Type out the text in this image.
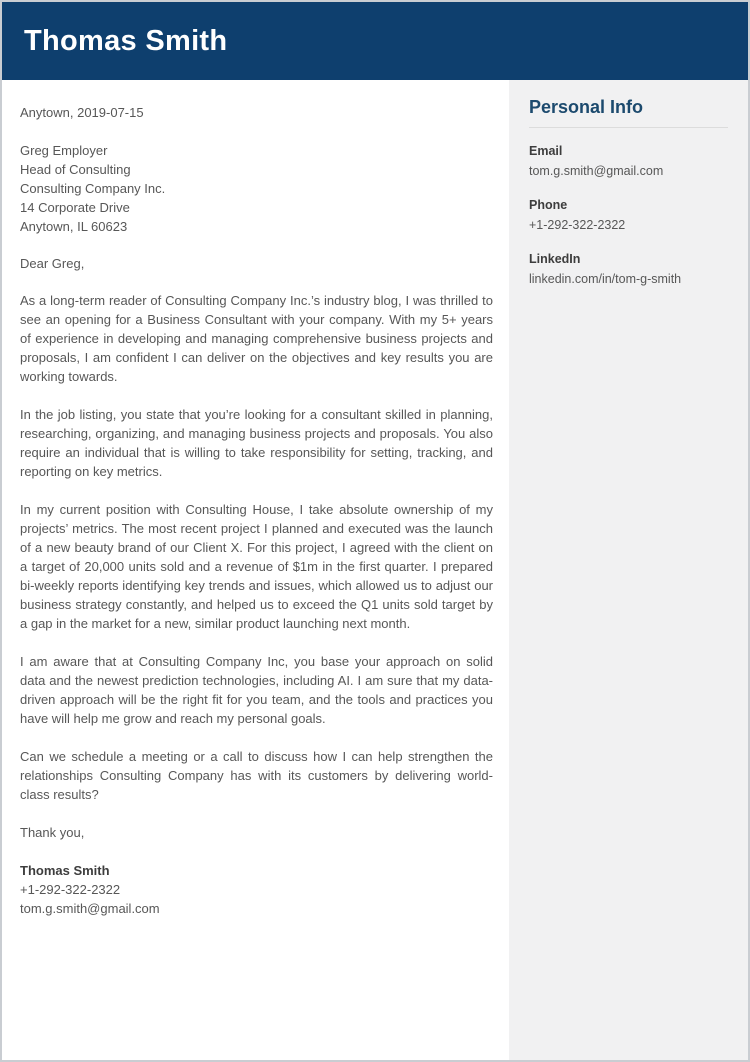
Thomas Smith

Anytown, 2019-07-15

Greg Employer
Head of Consulting
Consulting Company Inc.
14 Corporate Drive
Anytown, IL 60623

Dear Greg,

As a long-term reader of Consulting Company Inc.’s industry blog, I was thrilled to see an opening for a Business Consultant with your company. With my 5+ years of experience in developing and managing comprehensive business projects and proposals, I am confident I can deliver on the objectives and key results you are working towards.

In the job listing, you state that you’re looking for a consultant skilled in planning, researching, organizing, and managing business projects and proposals. You also require an individual that is willing to take responsibility for setting, tracking, and reporting on key metrics.

In my current position with Consulting House, I take absolute ownership of my projects’ metrics. The most recent project I planned and executed was the launch of a new beauty brand of our Client X. For this project, I agreed with the client on a target of 20,000 units sold and a revenue of $1m in the first quarter. I prepared bi-weekly reports identifying key trends and issues, which allowed us to adjust our business strategy constantly, and helped us to exceed the Q1 units sold target by a gap in the market for a new, similar product launching next month.

I am aware that at Consulting Company Inc, you base your approach on solid data and the newest prediction technologies, including AI. I am sure that my data-driven approach will be the right fit for you team, and the tools and practices you have will help me grow and reach my personal goals.

Can we schedule a meeting or a call to discuss how I can help strengthen the relationships Consulting Company has with its customers by delivering world-class results?

Thank you,

Thomas Smith
+1-292-322-2322
tom.g.smith@gmail.com
Personal Info
Email
tom.g.smith@gmail.com
Phone
+1-292-322-2322
LinkedIn
linkedin.com/in/tom-g-smith
